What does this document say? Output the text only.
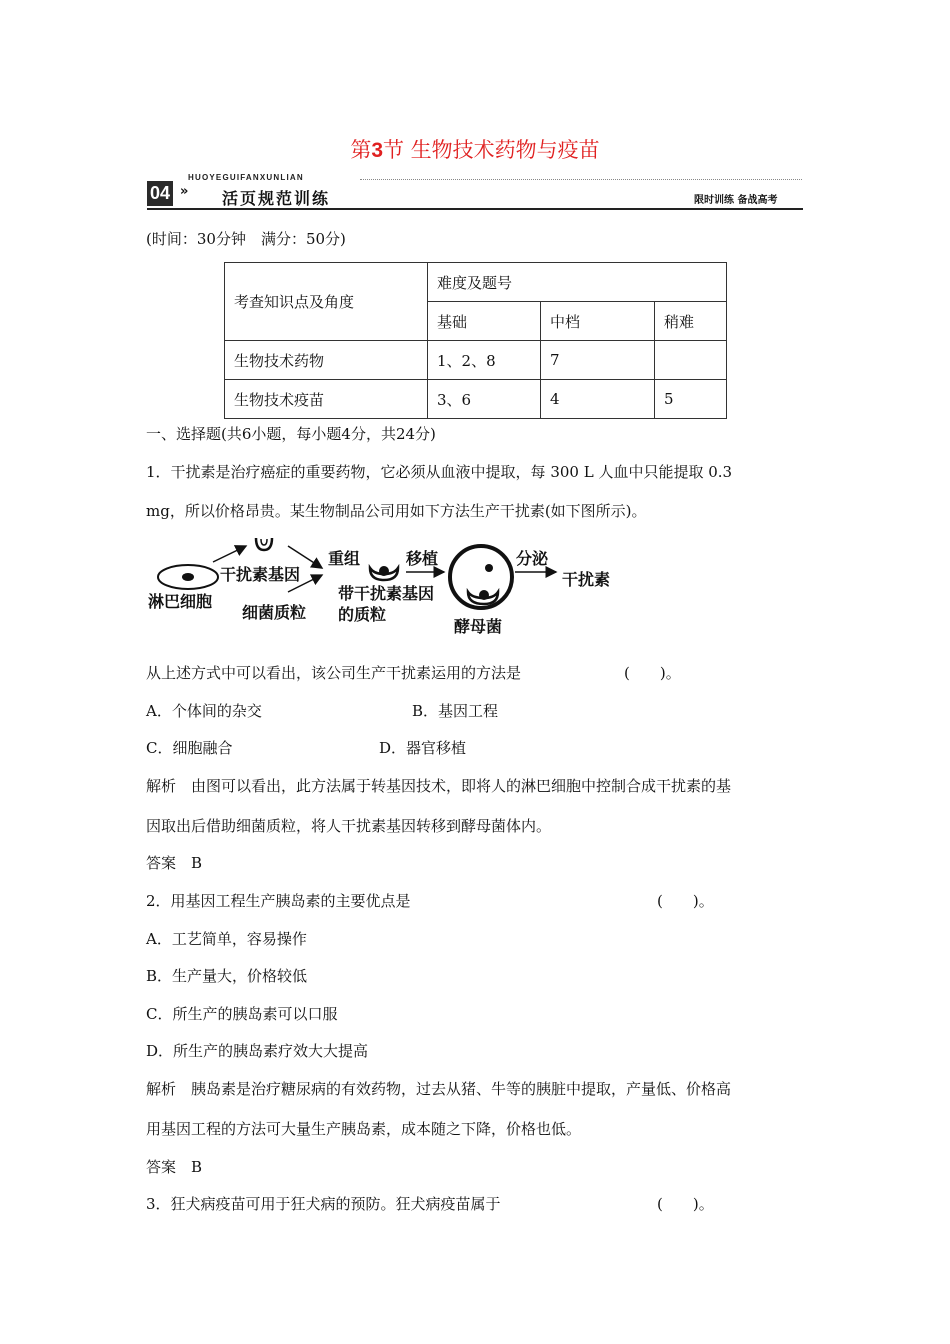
第3节 生物技术药物与疫苗
HUOYEGUIFANXUNLIAN
04 » 活页规范训练	限时训练 备战高考
(时间：30分钟　满分：50分)
考查知识点及角度	难度及题号		
	基础	中档	稍难
生物技术药物	1、2、8	7	
生物技术疫苗	3、6	4	5
一、选择题(共6小题，每小题4分，共24分)
1．干扰素是治疗癌症的重要药物，它必须从血液中提取，每 300 L 人血中只能提取 0.3
mg，所以价格昂贵。某生物制品公司用如下方法生产干扰素(如下图所示)。
干扰素基因
淋巴细胞
细菌质粒
重组
带干扰素基因
的质粒
移植
酵母菌
分泌
干扰素
从上述方式中可以看出，该公司生产干扰素运用的方法是	(　　)。
A．个体间的杂交	B．基因工程
C．细胞融合	D．器官移植
解析　由图可以看出，此方法属于转基因技术，即将人的淋巴细胞中控制合成干扰素的基
因取出后借助细菌质粒，将人干扰素基因转移到酵母菌体内。
答案　B
2．用基因工程生产胰岛素的主要优点是	(　　)。
A．工艺简单，容易操作
B．生产量大，价格较低
C．所生产的胰岛素可以口服
D．所生产的胰岛素疗效大大提高
解析　胰岛素是治疗糖尿病的有效药物，过去从猪、牛等的胰脏中提取，产量低、价格高
用基因工程的方法可大量生产胰岛素，成本随之下降，价格也低。
答案　B
3．狂犬病疫苗可用于狂犬病的预防。狂犬病疫苗属于	(　　)。
